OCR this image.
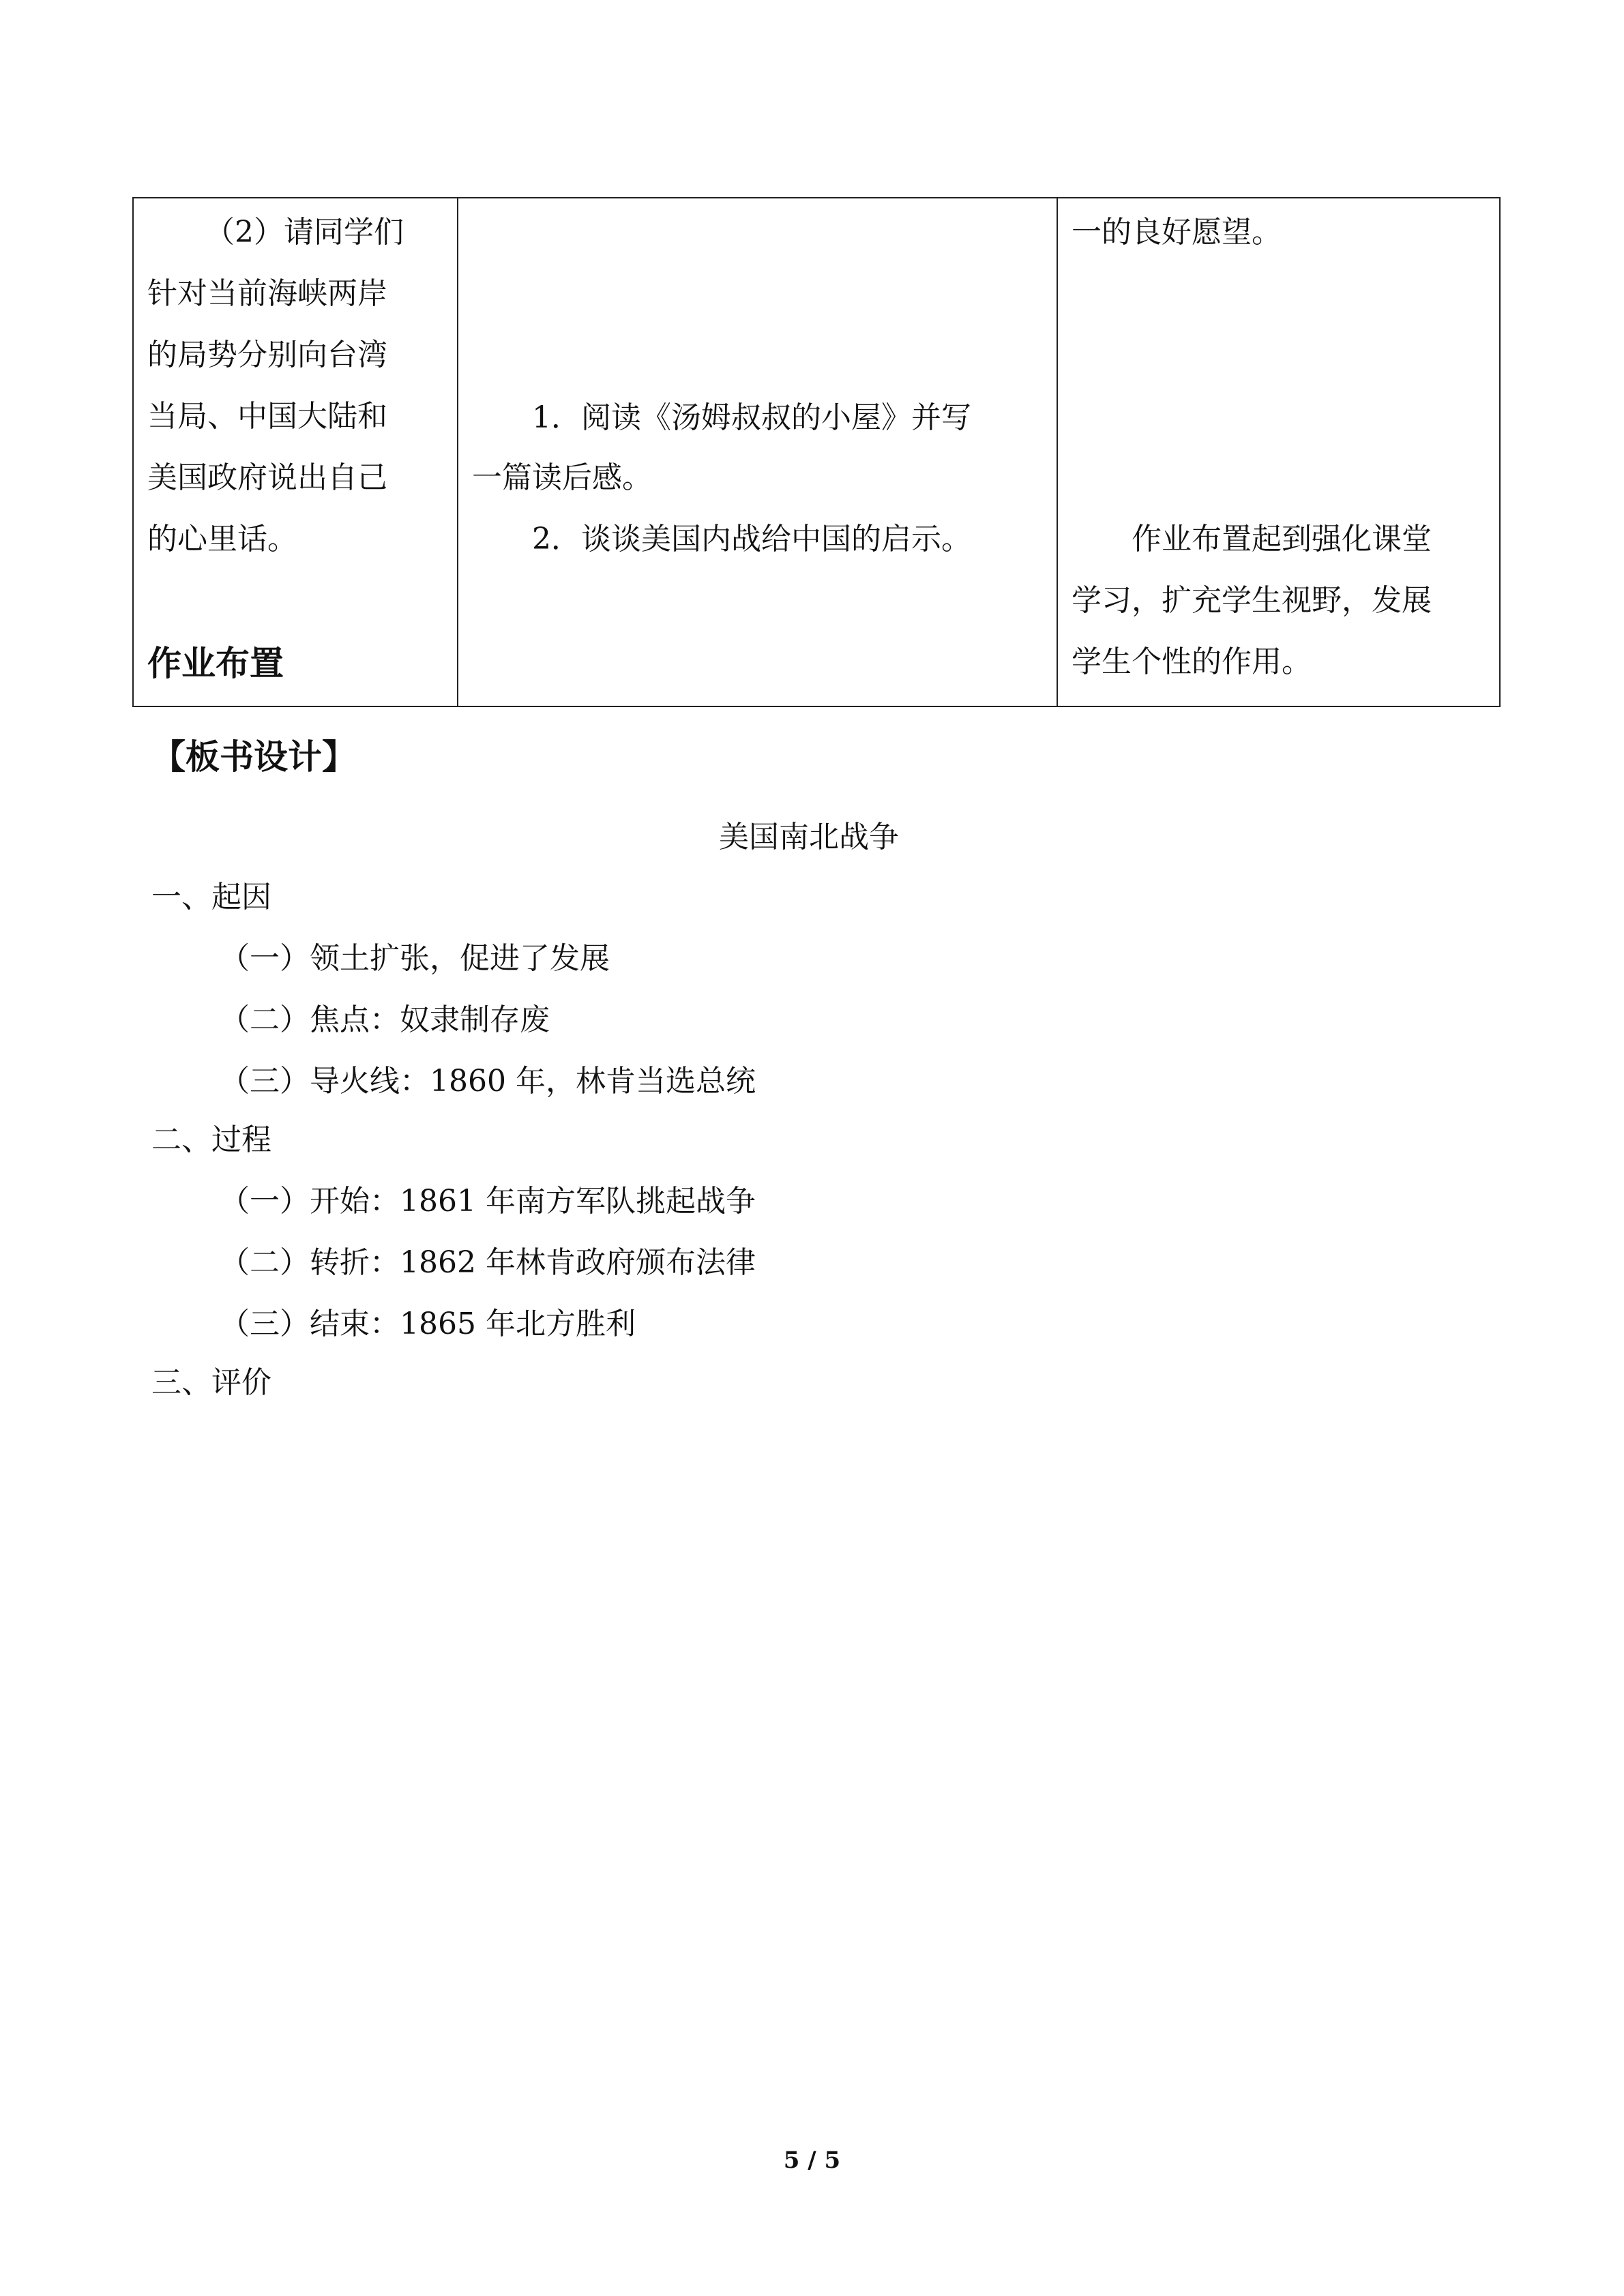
（2）请同学们
针对当前海峡两岸
的局势分别向台湾
当局、中国大陆和
美国政府说出自己
的心里话。
作业布置
1．阅读《汤姆叔叔的小屋》并写
一篇读后感。
2．谈谈美国内战给中国的启示。
一的良好愿望。
作业布置起到强化课堂
学习，扩充学生视野，发展
学生个性的作用。
【板书设计】
美国南北战争
一、起因
（一）领土扩张，促进了发展
（二）焦点：奴隶制存废
（三）导火线：1860 年，林肯当选总统
二、过程
（一）开始：1861 年南方军队挑起战争
（二）转折：1862 年林肯政府颁布法律
（三）结束：1865 年北方胜利
三、评价
5 / 5
